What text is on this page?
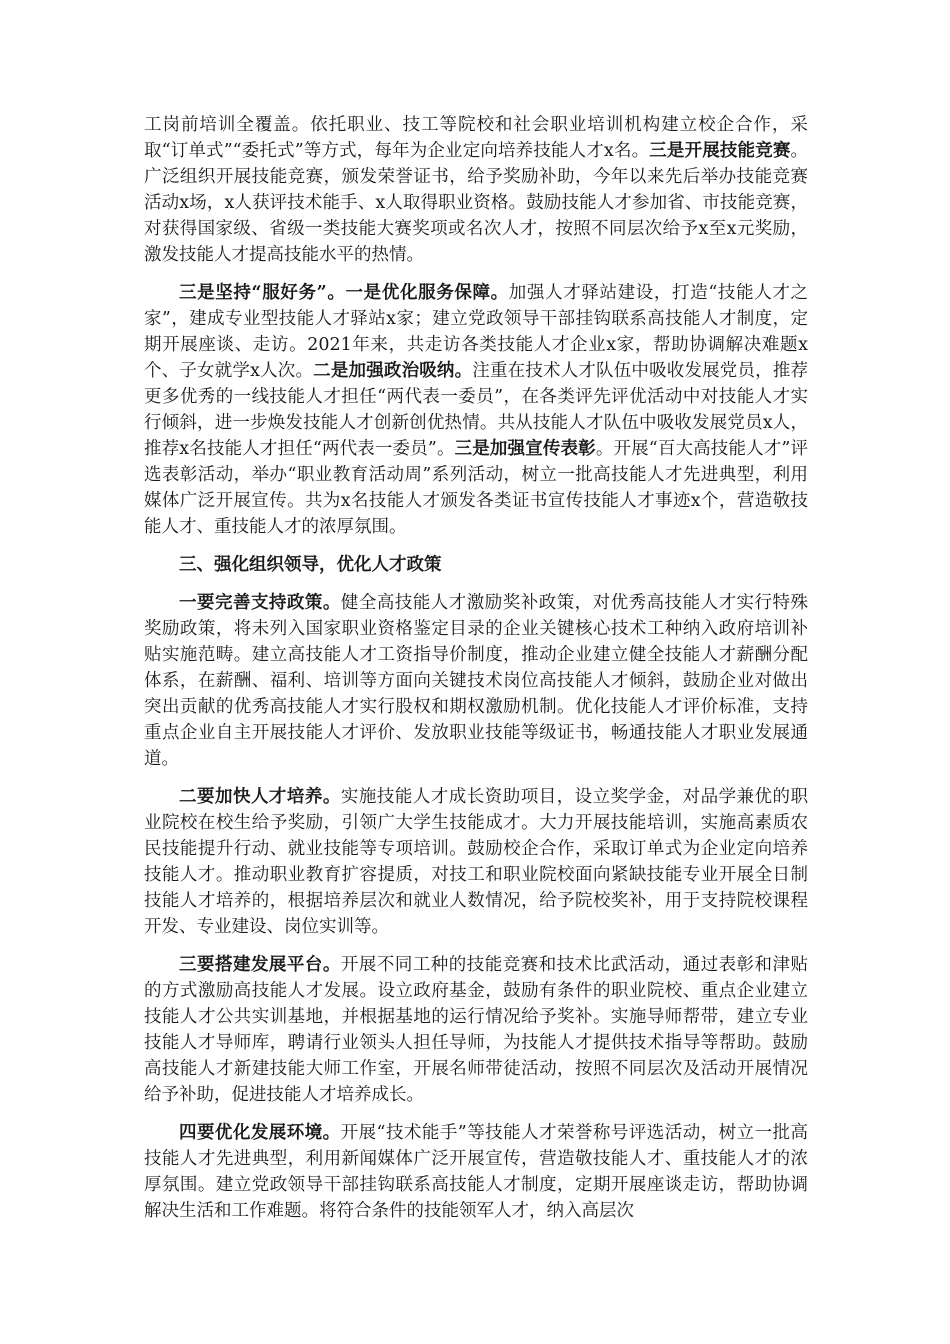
工岗前培训全覆盖。依托职业、技工等院校和社会职业培训机构建立校企合作，采取“订单式”“委托式”等方式，每年为企业定向培养技能人才x名。三是开展技能竞赛。广泛组织开展技能竞赛，颁发荣誉证书，给予奖励补助，今年以来先后举办技能竞赛活动x场，x人获评技术能手、x人取得职业资格。鼓励技能人才参加省、市技能竞赛，对获得国家级、省级一类技能大赛奖项或名次人才，按照不同层次给予x至x元奖励，激发技能人才提高技能水平的热情。

三是坚持“服好务”。一是优化服务保障。加强人才驿站建设，打造“技能人才之家”，建成专业型技能人才驿站x家；建立党政领导干部挂钩联系高技能人才制度，定期开展座谈、走访。2021年来，共走访各类技能人才企业x家，帮助协调解决难题x个、子女就学x人次。二是加强政治吸纳。注重在技术人才队伍中吸收发展党员，推荐更多优秀的一线技能人才担任“两代表一委员”，在各类评先评优活动中对技能人才实行倾斜，进一步焕发技能人才创新创优热情。共从技能人才队伍中吸收发展党员x人，推荐x名技能人才担任“两代表一委员”。三是加强宣传表彰。开展“百大高技能人才”评选表彰活动，举办“职业教育活动周”系列活动，树立一批高技能人才先进典型，利用媒体广泛开展宣传。共为x名技能人才颁发各类证书宣传技能人才事迹x个，营造敬技能人才、重技能人才的浓厚氛围。

三、强化组织领导，优化人才政策

一要完善支持政策。健全高技能人才激励奖补政策，对优秀高技能人才实行特殊奖励政策，将未列入国家职业资格鉴定目录的企业关键核心技术工种纳入政府培训补贴实施范畴。建立高技能人才工资指导价制度，推动企业建立健全技能人才薪酬分配体系，在薪酬、福利、培训等方面向关键技术岗位高技能人才倾斜，鼓励企业对做出突出贡献的优秀高技能人才实行股权和期权激励机制。优化技能人才评价标准，支持重点企业自主开展技能人才评价、发放职业技能等级证书，畅通技能人才职业发展通道。

二要加快人才培养。实施技能人才成长资助项目，设立奖学金，对品学兼优的职业院校在校生给予奖励，引领广大学生技能成才。大力开展技能培训，实施高素质农民技能提升行动、就业技能等专项培训。鼓励校企合作，采取订单式为企业定向培养技能人才。推动职业教育扩容提质，对技工和职业院校面向紧缺技能专业开展全日制技能人才培养的，根据培养层次和就业人数情况，给予院校奖补，用于支持院校课程开发、专业建设、岗位实训等。

三要搭建发展平台。开展不同工种的技能竞赛和技术比武活动，通过表彰和津贴的方式激励高技能人才发展。设立政府基金，鼓励有条件的职业院校、重点企业建立技能人才公共实训基地，并根据基地的运行情况给予奖补。实施导师帮带，建立专业技能人才导师库，聘请行业领头人担任导师，为技能人才提供技术指导等帮助。鼓励高技能人才新建技能大师工作室，开展名师带徒活动，按照不同层次及活动开展情况给予补助，促进技能人才培养成长。

四要优化发展环境。开展“技术能手”等技能人才荣誉称号评选活动，树立一批高技能人才先进典型，利用新闻媒体广泛开展宣传，营造敬技能人才、重技能人才的浓厚氛围。建立党政领导干部挂钩联系高技能人才制度，定期开展座谈走访，帮助协调解决生活和工作难题。将符合条件的技能领军人才，纳入高层次
